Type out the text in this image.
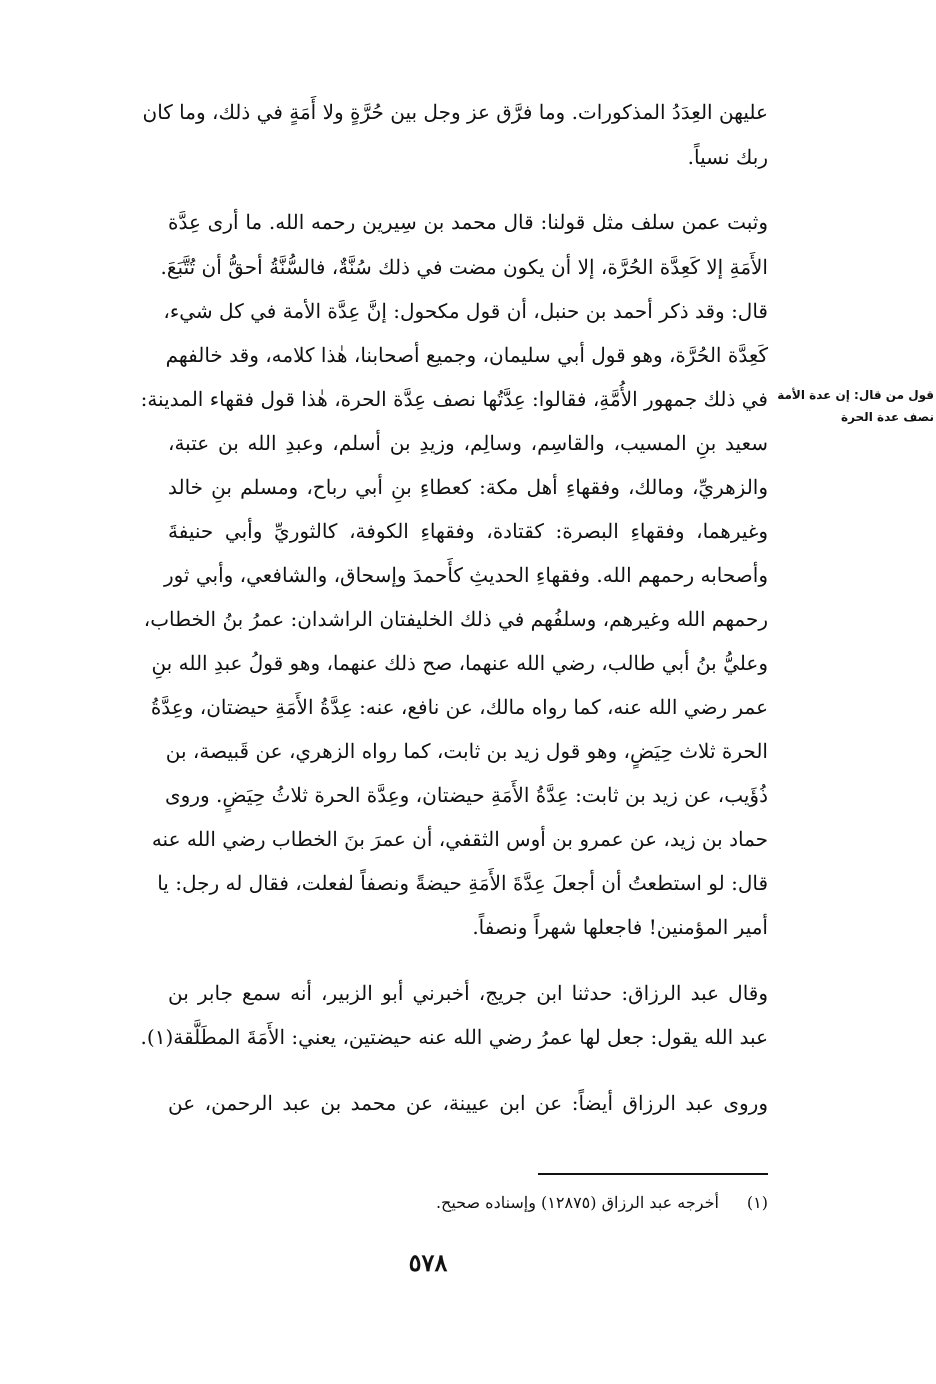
عليهن العِدَدُ المذكورات. وما فرَّق عز وجل بين حُرَّةٍ ولا أَمَةٍ في ذلك، وما كان
ربك نسياً.
وثبت عمن سلف مثل قولنا: قال محمد بن سِيرين رحمه الله. ما أرى عِدَّة
الأَمَةِ إلا كَعِدَّة الحُرَّة، إلا أن يكون مضت في ذلك سُنَّةٌ، فالسُّنَّةُ أحقُّ أن تُتَّبَعَ.
قال: وقد ذكر أحمد بن حنبل، أن قول مكحول: إنَّ عِدَّة الأمة في كل شيء،
كَعِدَّة الحُرَّة، وهو قول أبي سليمان، وجميع أصحابنا، هٰذا كلامه، وقد خالفهم
في ذلك جمهور الأُمَّةِ، فقالوا: عِدَّتُها نصف عِدَّة الحرة، هٰذا قول فقهاء المدينة:
سعيد بنِ المسيب، والقاسِم، وسالِم، وزيدِ بن أسلم، وعبدِ الله بن عتبة،
والزهريِّ، ومالك، وفقهاءِ أهل مكة: كعطاءِ بنِ أبي رباح، ومسلم بنِ خالد
وغيرهما، وفقهاءِ البصرة: كقتادة، وفقهاءِ الكوفة، كالثوريِّ وأبي حنيفةَ
وأصحابه رحمهم الله. وفقهاءِ الحديثِ كأَحمدَ وإسحاق، والشافعي، وأبي ثور
رحمهم الله وغيرهم، وسلفُهم في ذلك الخليفتان الراشدان: عمرُ بنُ الخطاب،
وعليُّ بنُ أبي طالب، رضي الله عنهما، صح ذلك عنهما، وهو قولُ عبدِ الله بنِ
عمر رضي الله عنه، كما رواه مالك، عن نافع، عنه: عِدَّةُ الأَمَةِ حيضتان، وعِدَّةُ
الحرة ثلاث حِيَضٍ، وهو قول زيد بن ثابت، كما رواه الزهري، عن قَبيصة، بن
ذُؤَيب، عن زيد بن ثابت: عِدَّةُ الأَمَةِ حيضتان، وعِدَّة الحرة ثلاثُ حِيَضٍ. وروى
حماد بن زيد، عن عمرو بن أوس الثقفي، أن عمرَ بنَ الخطاب رضي الله عنه
قال: لو استطعتُ أن أجعلَ عِدَّةَ الأَمَةِ حيضةً ونصفاً لفعلت، فقال له رجل: يا
أمير المؤمنين! فاجعلها شهراً ونصفاً.
وقال عبد الرزاق: حدثنا ابن جريج، أخبرني أبو الزبير، أنه سمع جابر بن
عبد الله يقول: جعل لها عمرُ رضي الله عنه حيضتين، يعني: الأَمَةَ المطَلَّقة(١).
وروى عبد الرزاق أيضاً: عن ابن عيينة، عن محمد بن عبد الرحمن، عن
قول من قال: إن عدة الأمة
نصف عدة الحرة
(١)أخرجه عبد الرزاق (١٢٨٧٥) وإسناده صحيح.
٥٧٨
